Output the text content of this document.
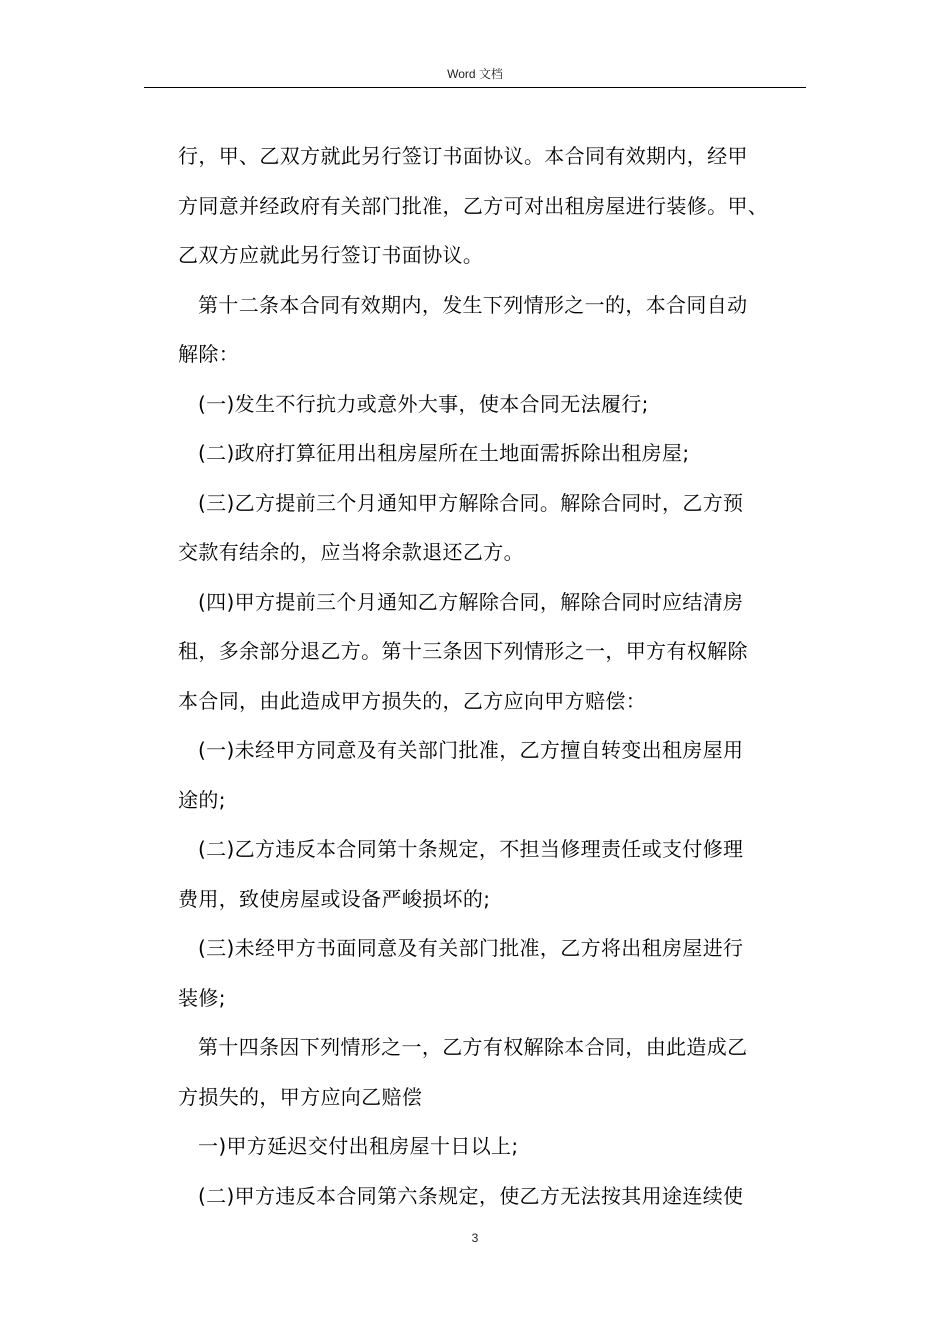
Word 文档
行，甲、乙双方就此另行签订书面协议。本合同有效期内，经甲
方同意并经政府有关部门批准，乙方可对出租房屋进行装修。甲、
乙双方应就此另行签订书面协议。
第十二条本合同有效期内，发生下列情形之一的，本合同自动
解除：
(一)发生不行抗力或意外大事，使本合同无法履行;
(二)政府打算征用出租房屋所在土地面需拆除出租房屋;
(三)乙方提前三个月通知甲方解除合同。解除合同时，乙方预
交款有结余的，应当将余款退还乙方。
(四)甲方提前三个月通知乙方解除合同，解除合同时应结清房
租，多余部分退乙方。第十三条因下列情形之一，甲方有权解除
本合同，由此造成甲方损失的，乙方应向甲方赔偿：
(一)未经甲方同意及有关部门批准，乙方擅自转变出租房屋用
途的;
(二)乙方违反本合同第十条规定，不担当修理责任或支付修理
费用，致使房屋或设备严峻损坏的;
(三)未经甲方书面同意及有关部门批准，乙方将出租房屋进行
装修;
第十四条因下列情形之一，乙方有权解除本合同，由此造成乙
方损失的，甲方应向乙赔偿
一)甲方延迟交付出租房屋十日以上;
(二)甲方违反本合同第六条规定，使乙方无法按其用途连续使
3
